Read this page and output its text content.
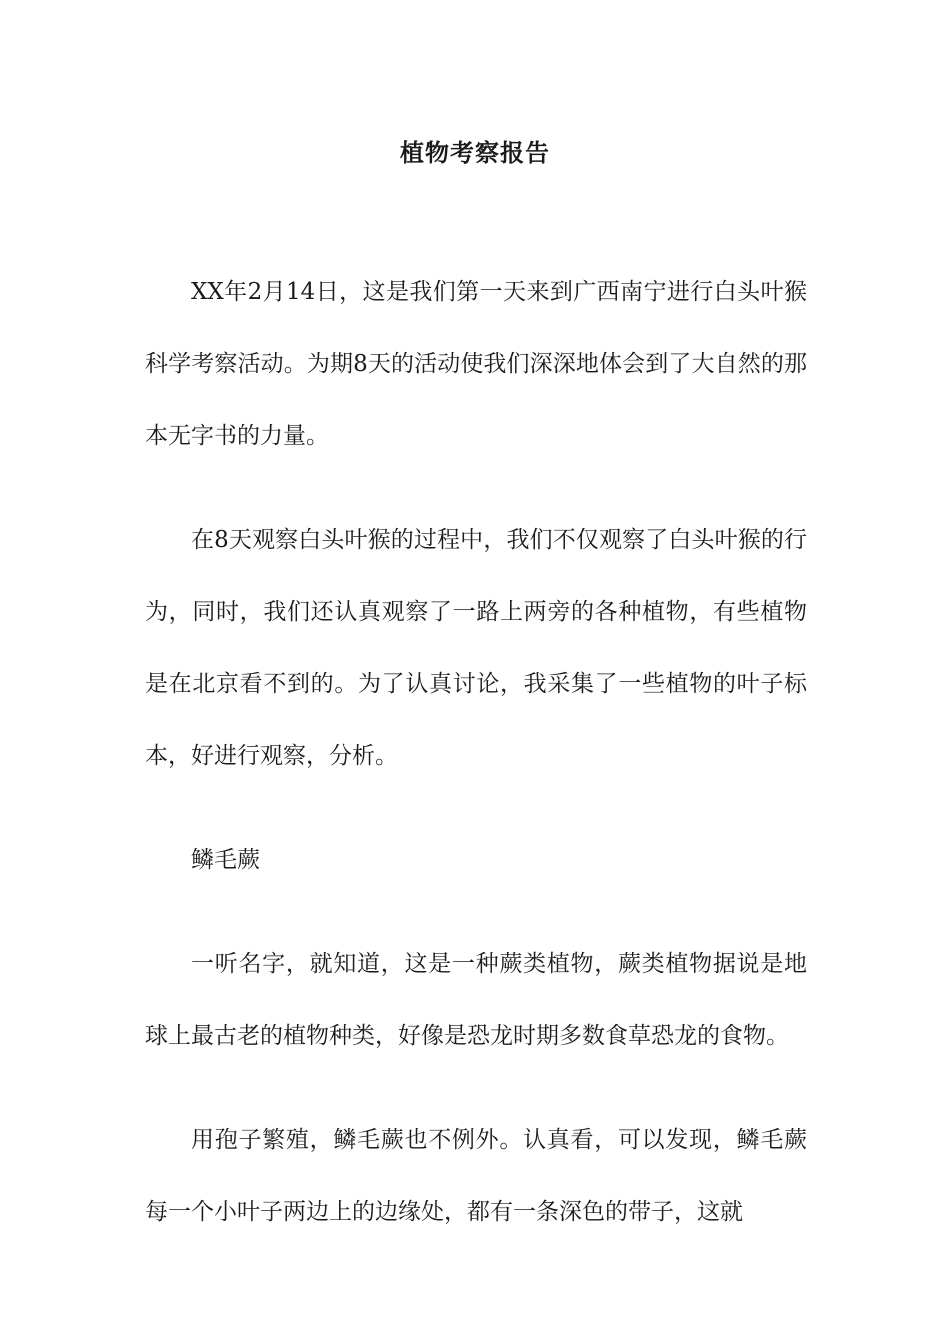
植物考察报告

XX年2月14日，这是我们第一天来到广西南宁进行白头叶猴科学考察活动。为期8天的活动使我们深深地体会到了大自然的那本无字书的力量。

在8天观察白头叶猴的过程中，我们不仅观察了白头叶猴的行为，同时，我们还认真观察了一路上两旁的各种植物，有些植物是在北京看不到的。为了认真讨论，我采集了一些植物的叶子标本，好进行观察，分析。

鳞毛蕨

一听名字，就知道，这是一种蕨类植物，蕨类植物据说是地球上最古老的植物种类，好像是恐龙时期多数食草恐龙的食物。

用孢子繁殖，鳞毛蕨也不例外。认真看，可以发现，鳞毛蕨每一个小叶子两边上的边缘处，都有一条深色的带子，这就
